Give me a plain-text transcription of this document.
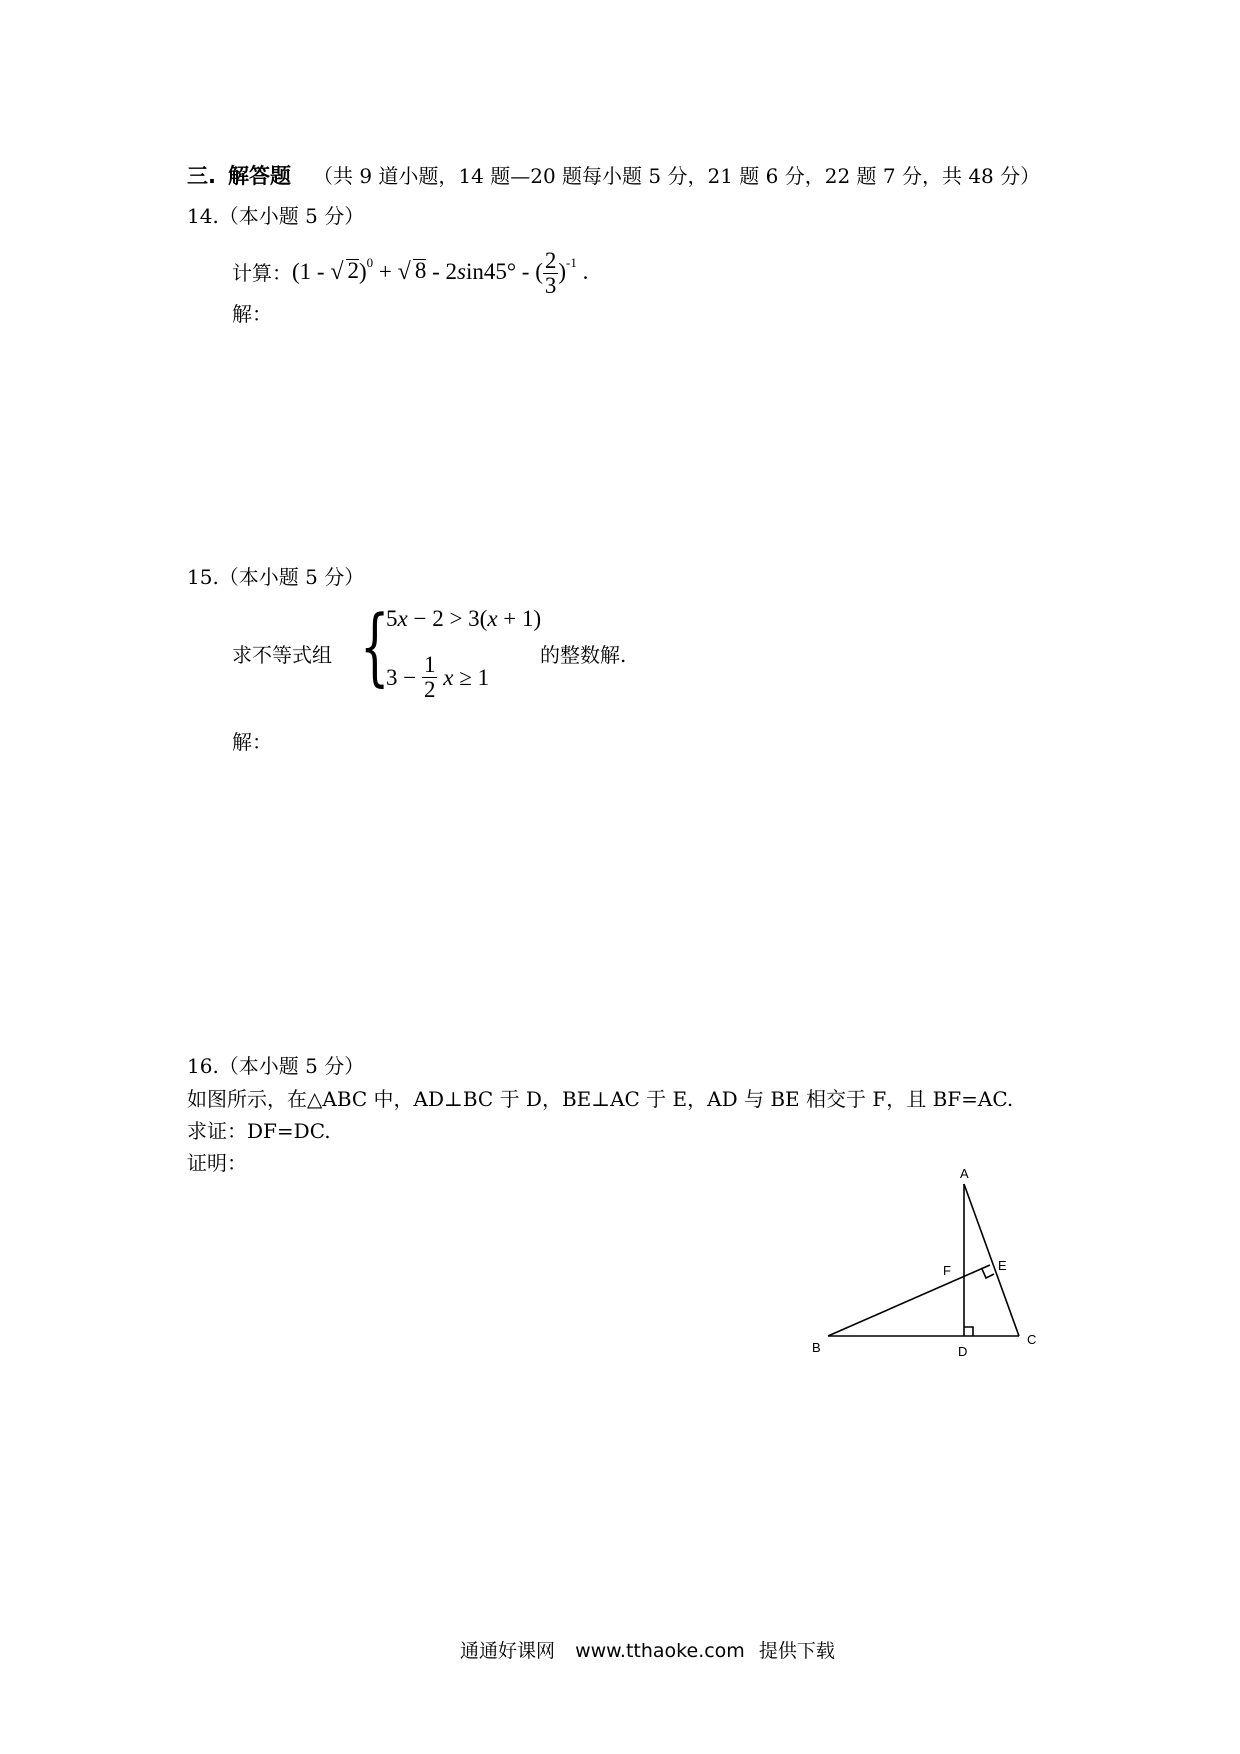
三. 解答题 （共 9 道小题，14 题—20 题每小题 5 分，21 题 6 分，22 题 7 分，共 48 分）
14.（本小题 5 分）
计算： (1 - √ 2)$^0$ + √ 8 - 2sin45° - ( $\frac{2}{3} )^{-1}$ .
解：
15.（本小题 5 分）
求不等式组 {
5x − 2 > 3(x + 1)
$3 - \frac{1}{2}$
x ≥ 1
的整数解.
解：
16.（本小题 5 分）
如图所示，在△ABC 中，AD⊥BC 于 D，BE⊥AC 于 E，AD 与 BE 相交于 F，且 BF=AC.
求证：DF=DC.
证明：	A
B
C
D
E
F
通通好课网 www.tthaoke.com 提供下载
